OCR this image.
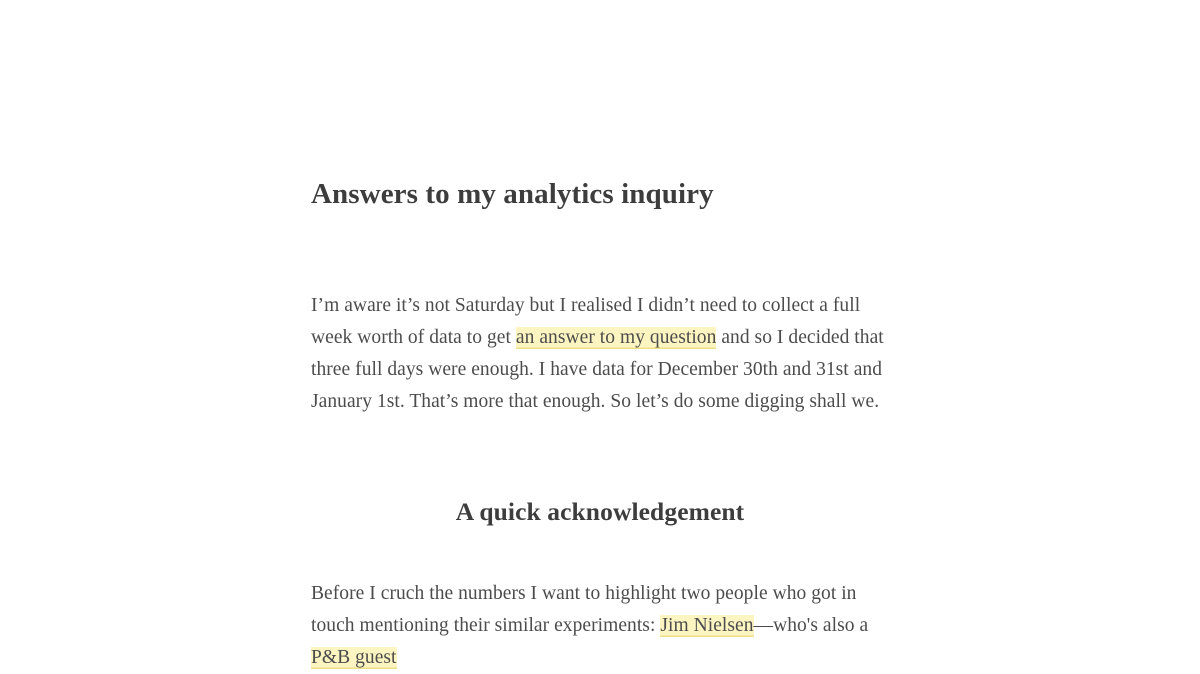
Answers to my analytics inquiry

I’m aware it’s not Saturday but I realised I didn’t need to collect a full week worth of data to get an answer to my question and so I decided that three full days were enough. I have data for December 30th and 31st and January 1st. That’s more that enough. So let’s do some digging shall we.

A quick acknowledgement

Before I cruch the numbers I want to highlight two people who got in touch mentioning their similar experiments: Jim Nielsen—who's also a P&B guest
